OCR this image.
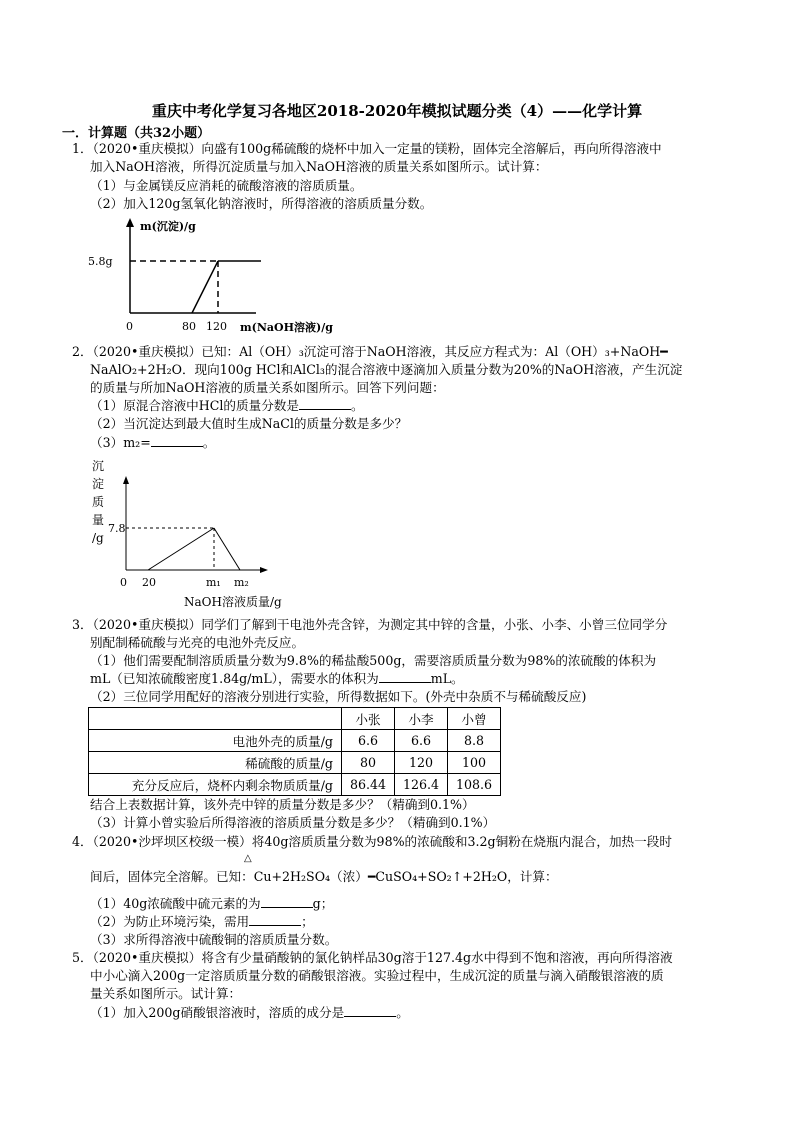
重庆中考化学复习各地区2018-2020年模拟试题分类（4）——化学计算
一．计算题（共32小题）
1．（2020•重庆模拟）向盛有100g稀硫酸的烧杯中加入一定量的镁粉，固体完全溶解后，再向所得溶液中
加入NaOH溶液，所得沉淀质量与加入NaOH溶液的质量关系如图所示。试计算：
（1）与金属镁反应消耗的硫酸溶液的溶质质量。
（2）加入120g氢氧化钠溶液时，所得溶液的溶质质量分数。
m(沉淀)/g
5.8g
0	80 120 m(NaOH溶液)/g
2．（2020•重庆模拟）已知：Al（OH）₃沉淀可溶于NaOH溶液，其反应方程式为：Al（OH）₃+NaOH━
NaAlO₂+2H₂O．现向100g HCl和AlCl₃的混合溶液中逐滴加入质量分数为20%的NaOH溶液，产生沉淀
的质量与所加NaOH溶液的质量关系如图所示。回答下列问题：
（1）原混合溶液中HCl的质量分数是	。
（2）当沉淀达到最大值时生成NaCl的质量分数是多少？
（3）m₂=	。
沉
淀
质
量
/g
7.8
0 20	m₁ m₂
NaOH溶液质量/g
3．（2020•重庆模拟）同学们了解到干电池外壳含锌，为测定其中锌的含量，小张、小李、小曾三位同学分
别配制稀硫酸与光亮的电池外壳反应。
（1）他们需要配制溶质质量分数为9.8%的稀盐酸500g，需要溶质质量分数为98%的浓硫酸的体积为
mL（已知浓硫酸密度1.84g/mL），需要水的体积为	mL。
（2）三位同学用配好的溶液分别进行实验，所得数据如下。(外壳中杂质不与稀硫酸反应)
	小张	小李	小曾
电池外壳的质量/g	6.6	6.6	8.8
稀硫酸的质量/g	80	120	100
充分反应后，烧杯内剩余物质质量/g	86.44	126.4	108.6
结合上表数据计算，该外壳中锌的质量分数是多少？（精确到0.1%）
（3）计算小曾实验后所得溶液的溶质质量分数是多少？（精确到0.1%）
4．（2020•沙坪坝区校级一模）将40g溶质质量分数为98%的浓硫酸和3.2g铜粉在烧瓶内混合，加热一段时
△
间后，固体完全溶解。已知：Cu+2H₂SO₄（浓）━CuSO₄+SO₂↑+2H₂O，计算：
（1）40g浓硫酸中硫元素的为	g；
（2）为防止环境污染，需用	；
（3）求所得溶液中硫酸铜的溶质质量分数。
5．（2020•重庆模拟）将含有少量硝酸钠的氯化钠样品30g溶于127.4g水中得到不饱和溶液，再向所得溶液
中小心滴入200g一定溶质质量分数的硝酸银溶液。实验过程中，生成沉淀的质量与滴入硝酸银溶液的质
量关系如图所示。试计算：
（1）加入200g硝酸银溶液时，溶质的成分是	。
